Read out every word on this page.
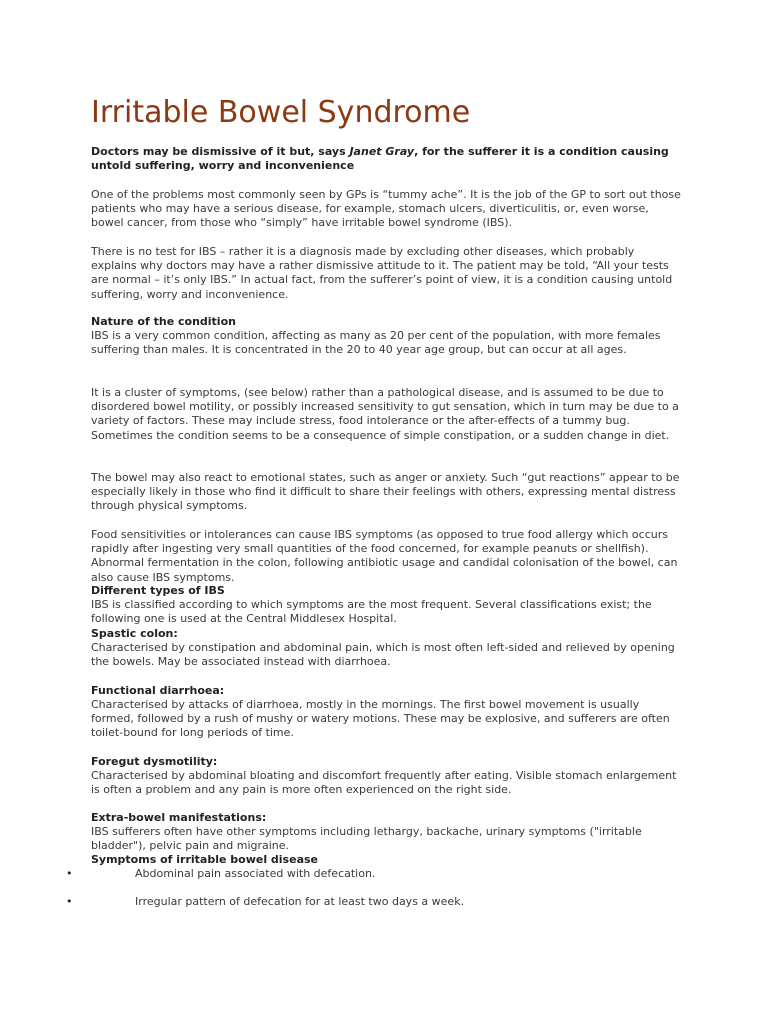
Irritable Bowel Syndrome

Doctors may be dismissive of it but, says Janet Gray, for the sufferer it is a condition causing untold suffering, worry and inconvenience

One of the problems most commonly seen by GPs is “tummy ache”. It is the job of the GP to sort out those patients who may have a serious disease, for example, stomach ulcers, diverticulitis, or, even worse, bowel cancer, from those who “simply” have irritable bowel syndrome (IBS).

There is no test for IBS – rather it is a diagnosis made by excluding other diseases, which probably explains why doctors may have a rather dismissive attitude to it. The patient may be told, “All your tests are normal – it’s only IBS.” In actual fact, from the sufferer’s point of view, it is a condition causing untold suffering, worry and inconvenience.

Nature of the condition

IBS is a very common condition, affecting as many as 20 per cent of the population, with more females suffering than males. It is concentrated in the 20 to 40 year age group, but can occur at all ages.

It is a cluster of symptoms, (see below) rather than a pathological disease, and is assumed to be due to disordered bowel motility, or possibly increased sensitivity to gut sensation, which in turn may be due to a variety of factors. These may include stress, food intolerance or the after-effects of a tummy bug. Sometimes the condition seems to be a consequence of simple constipation, or a sudden change in diet.

The bowel may also react to emotional states, such as anger or anxiety. Such “gut reactions” appear to be especially likely in those who find it difficult to share their feelings with others, expressing mental distress through physical symptoms.

Food sensitivities or intolerances can cause IBS symptoms (as opposed to true food allergy which occurs rapidly after ingesting very small quantities of the food concerned, for example peanuts or shellfish). Abnormal fermentation in the colon, following antibiotic usage and candidal colonisation of the bowel, can also cause IBS symptoms.

Different types of IBS

IBS is classified according to which symptoms are the most frequent. Several classifications exist; the following one is used at the Central Middlesex Hospital.

Spastic colon:

Characterised by constipation and abdominal pain, which is most often left-sided and relieved by opening the bowels. May be associated instead with diarrhoea.

Functional diarrhoea:

Characterised by attacks of diarrhoea, mostly in the mornings. The first bowel movement is usually formed, followed by a rush of mushy or watery motions. These may be explosive, and sufferers are often toilet-bound for long periods of time.

Foregut dysmotility:

Characterised by abdominal bloating and discomfort frequently after eating. Visible stomach enlargement is often a problem and any pain is more often experienced on the right side.

Extra-bowel manifestations:

IBS sufferers often have other symptoms including lethargy, backache, urinary symptoms ("irritable bladder"), pelvic pain and migraine.

Symptoms of irritable bowel disease

•	Abdominal pain associated with defecation.
•	Irregular pattern of defecation for at least two days a week.
